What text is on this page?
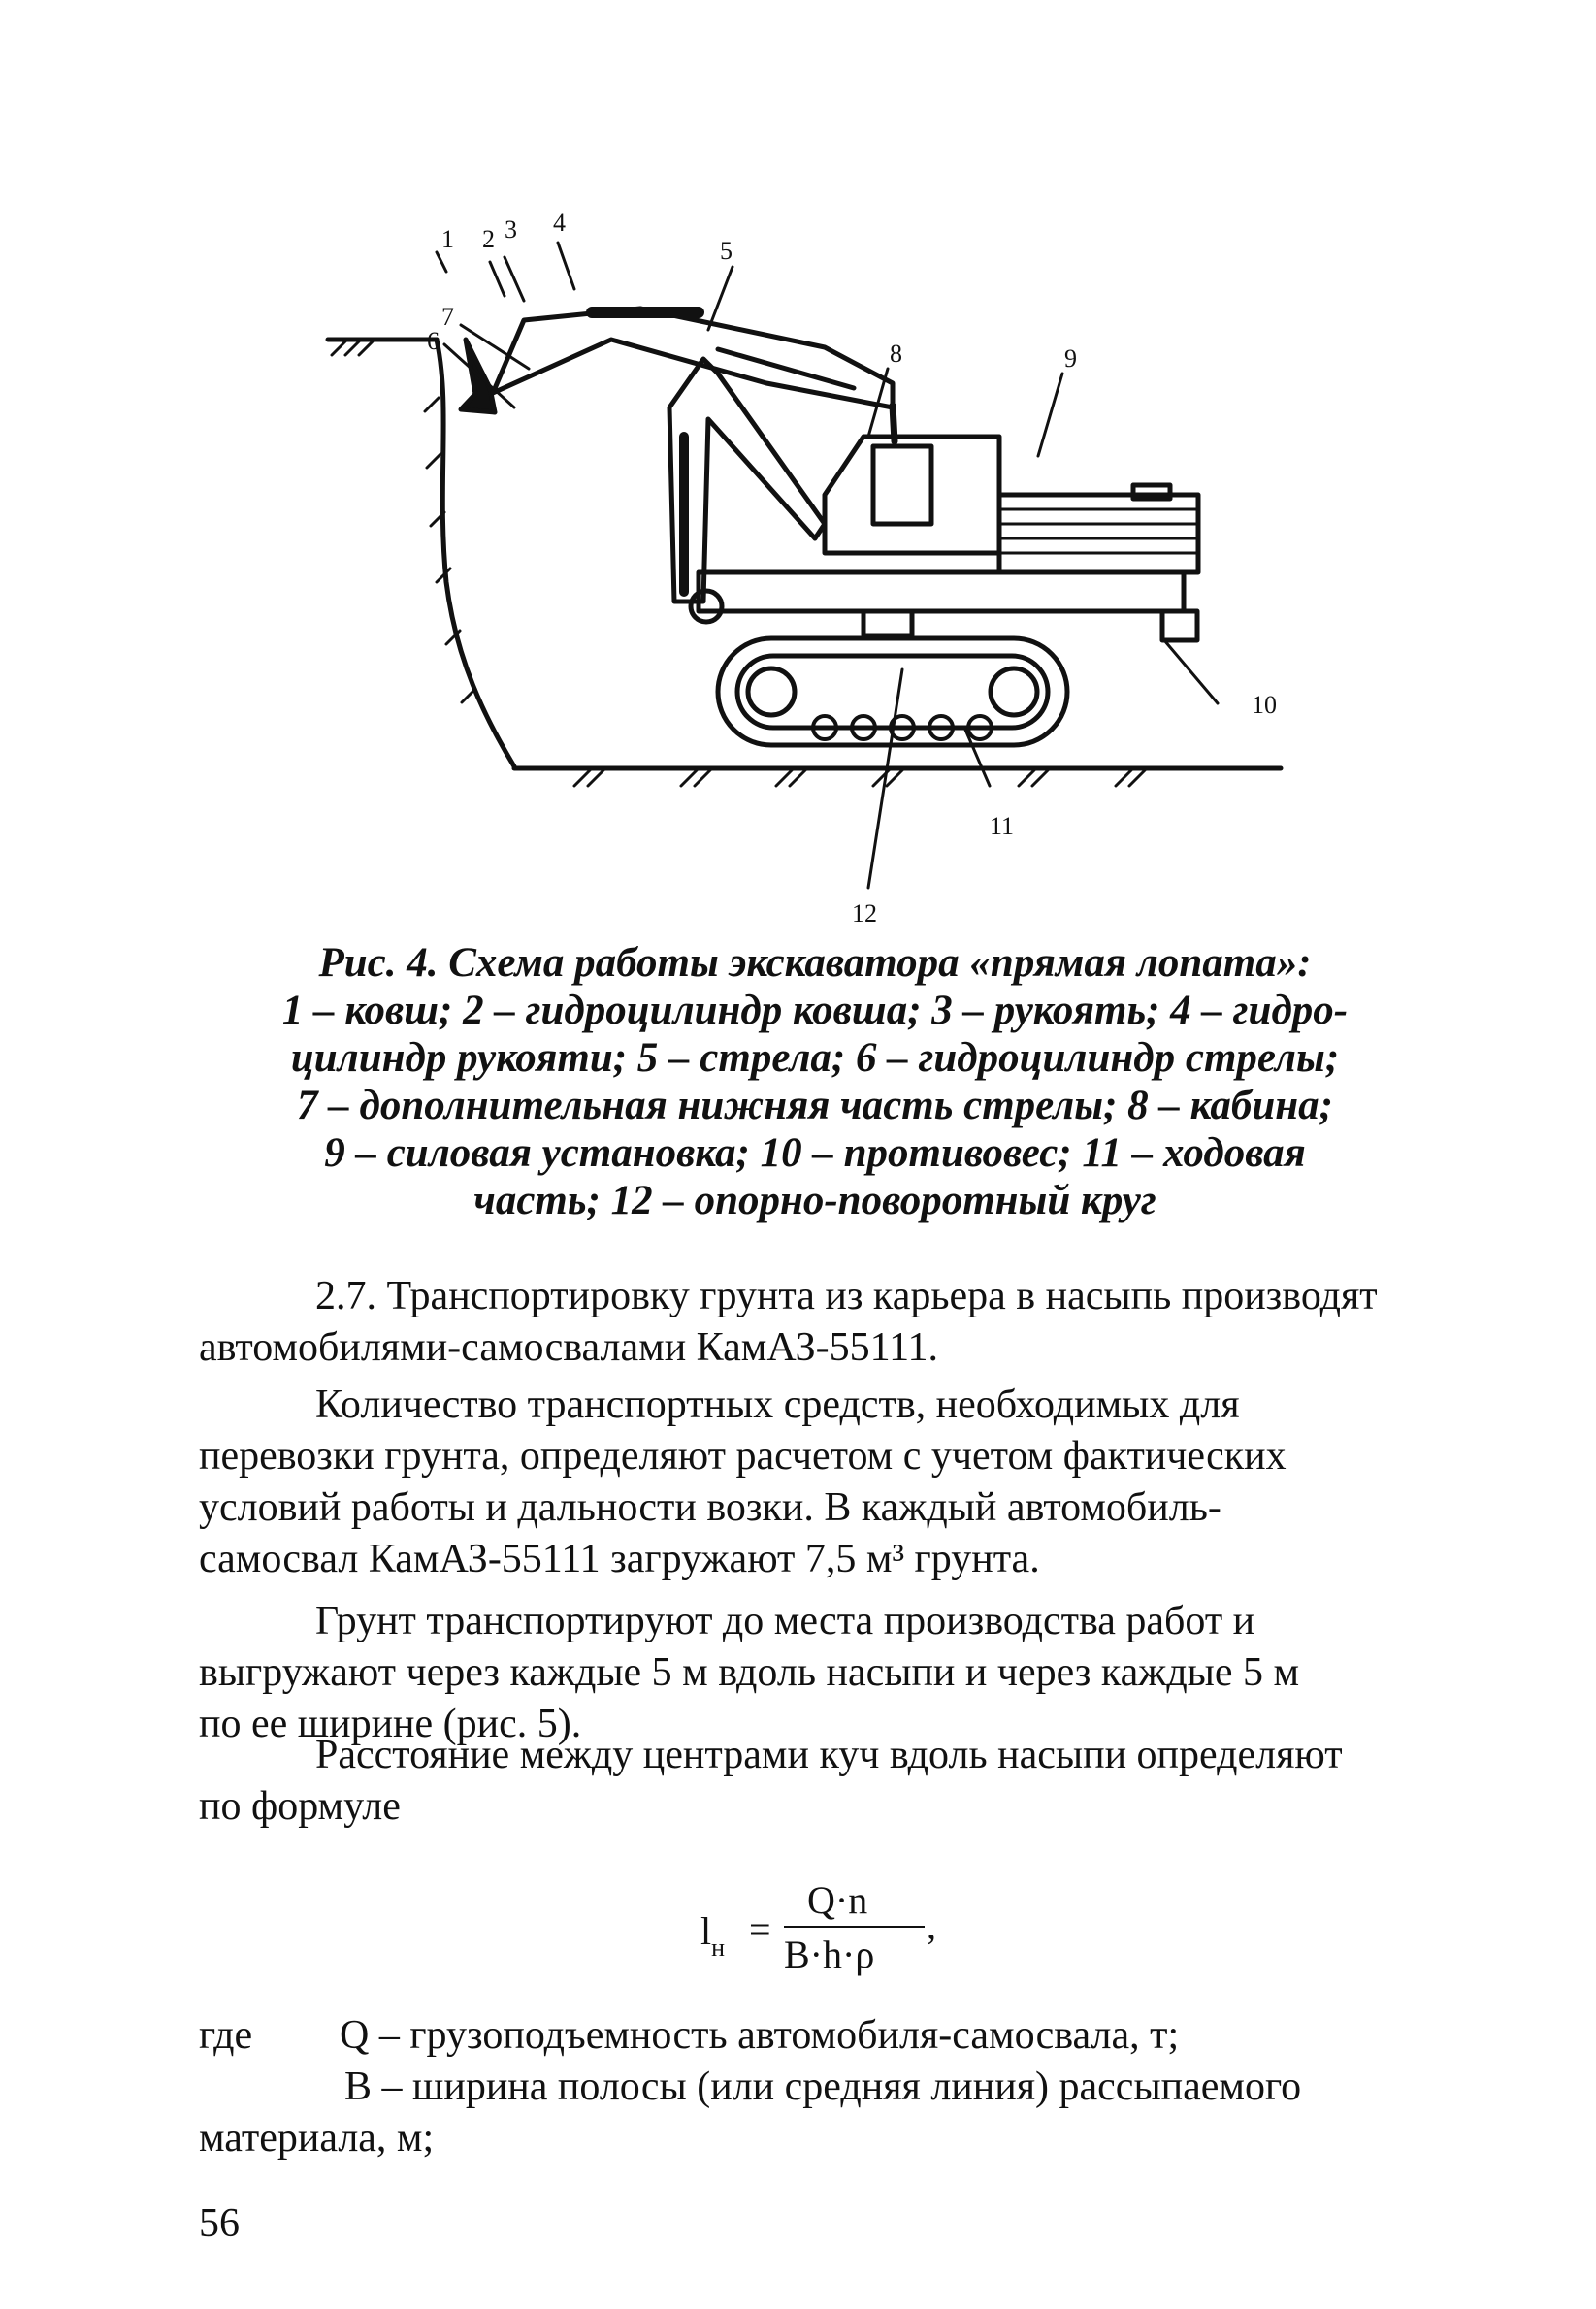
1 2 3 4
5
6
7
8	9
10
11
12
Рис. 4. Схема работы экскаватора «прямая лопата»:
1 – ковш; 2 – гидроцилиндр ковша; 3 – рукоять; 4 – гидро-
цилиндр рукояти; 5 – стрела; 6 – гидроцилиндр стрелы;
7 – дополнительная нижняя часть стрелы; 8 – кабина;
9 – силовая установка; 10 – противовес; 11 – ходовая
часть; 12 – опорно-поворотный круг
2.7. Транспортировку грунта из карьера в насыпь производят
автомобилями-самосвалами КамАЗ-55111.
Количество транспортных средств, необходимых для
перевозки грунта, определяют расчетом с учетом фактических
условий работы и дальности возки. В каждый автомобиль-
самосвал КамАЗ-55111 загружают 7,5 м³ грунта.
Грунт транспортируют до места производства работ и
выгружают через каждые 5 м вдоль насыпи и через каждые 5 м
по ее ширине (рис. 5).
Расстояние между центрами куч вдоль насыпи определяют
по формуле
$l_н$ =
Q·n
B·h·ρ
,
где	Q – грузоподъемность автомобиля-самосвала, т;
B – ширина полосы (или средняя линия) рассыпаемого
материала, м;
56
